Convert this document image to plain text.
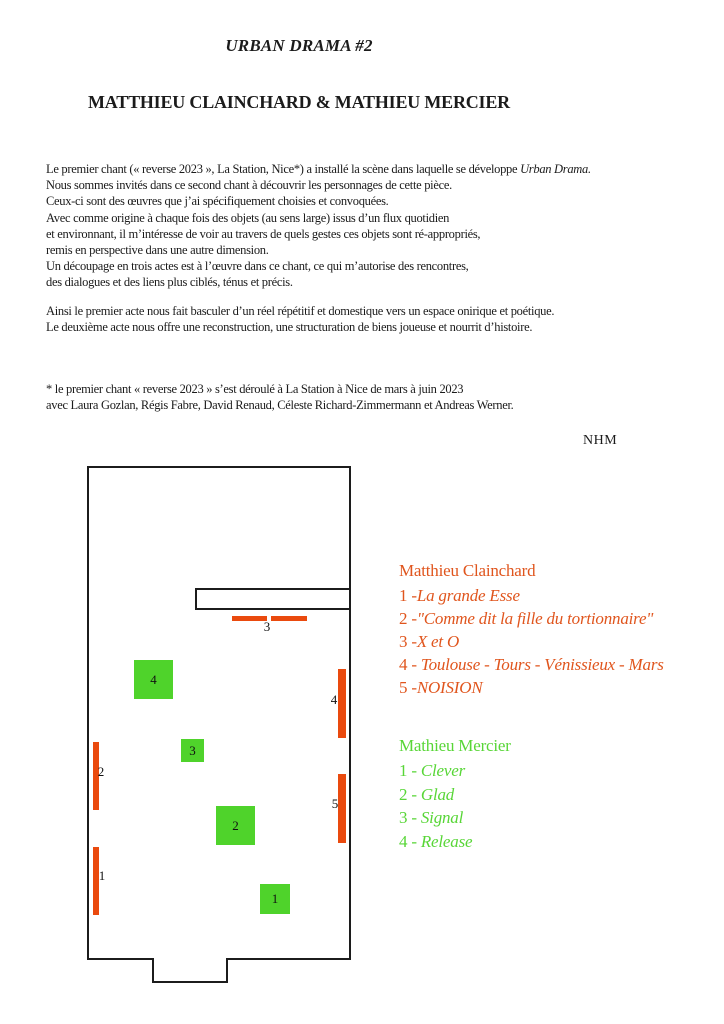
URBAN DRAMA #2
MATTHIEU CLAINCHARD & MATHIEU MERCIER
Le premier chant (« reverse 2023 », La Station, Nice*) a installé la scène dans laquelle se développe Urban Drama.
Nous sommes invités dans ce second chant à découvrir les personnages de cette pièce.
Ceux-ci sont des œuvres que j’ai spécifiquement choisies et convoquées.
Avec comme origine à chaque fois des objets (au sens large) issus d’un flux quotidien
et environnant, il m’intéresse de voir au travers de quels gestes ces objets sont ré-appropriés,
remis en perspective dans une autre dimension.
Un découpage en trois actes est à l’œuvre dans ce chant, ce qui m’autorise des rencontres,
des dialogues et des liens plus ciblés, ténus et précis.
Ainsi le premier acte nous fait basculer d’un réel répétitif et domestique vers un espace onirique et poétique.
Le deuxième acte nous offre une reconstruction, une structuration de biens joueuse et nourrit d’histoire.
* le premier chant « reverse 2023 » s’est déroulé à La Station à Nice de mars à juin 2023
avec Laura Gozlan, Régis Fabre, David Renaud, Céleste Richard-Zimmermann et Andreas Werner.
NHM
3
4
5
2
1
4
3
2
1
Matthieu Clainchard
1 -La grande Esse
2 -"Comme dit la fille du tortionnaire"
3 -X et O
4 - Toulouse - Tours - Vénissieux - Mars
5 -NOISION
Mathieu Mercier
1 - Clever
2 - Glad
3 - Signal
4 - Release
